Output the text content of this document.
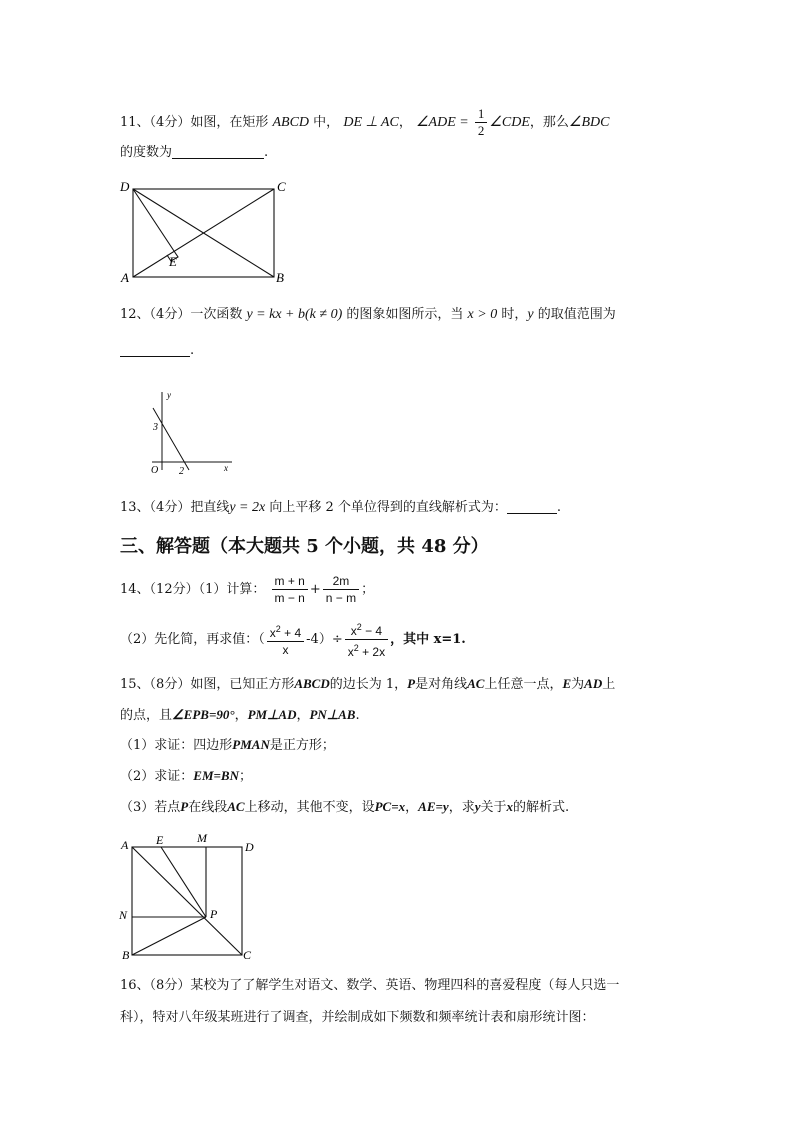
11、（4分）如图，在矩形 ABCD 中， DE ⊥ AC， ∠ADE = $\frac{1}{2}$ ∠CDE，那么∠BDC
的度数为	.
D	C
A	B
E
12、（4分）一次函数 y = kx + b(k ≠ 0) 的图象如图所示，当 x > 0 时，y 的取值范围为
.
y
x
3
O 2
13、（4分）把直线y = 2x 向上平移 2 个单位得到的直线解析式为：	.
三、解答题（本大题共 5 个小题，共 48 分）
14、（12分）（1）计算： $\frac{m + n}{m - n} + \frac{2m}{n - m}$ ；
（2）先化简，再求值：（ $\frac{x^2 + 4}{x} -4)\div \frac{x^2 - 4}{x^2 + 2x}$ ，其中 x=1.
15、（8分）如图，已知正方形ABCD的边长为 1，P是对角线AC上任意一点，E为AD上
的点，且∠EPB=90°，PM⊥AD，PN⊥AB.
（1）求证：四边形PMAN是正方形；
（2）求证：EM=BN；
（3）若点P在线段AC上移动，其他不变，设PC=x，AE=y，求y关于x的解析式.
A E	M
D
N	P
B	C
16、（8分）某校为了了解学生对语文、数学、英语、物理四科的喜爱程度（每人只选一
科），特对八年级某班进行了调查，并绘制成如下频数和频率统计表和扇形统计图：
